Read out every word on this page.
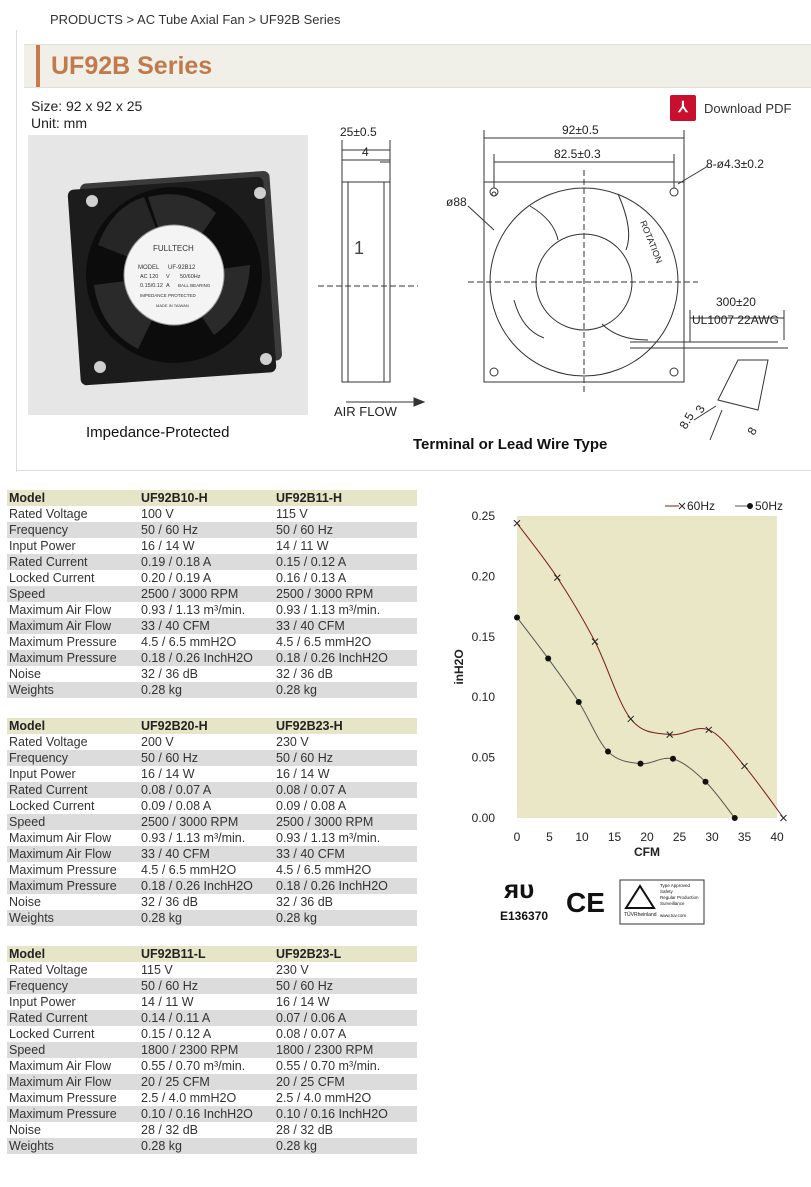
PRODUCTS > AC Tube Axial Fan > UF92B Series
UF92B Series
Size: 92 x 92 x 25
Unit: mm
⅄	Download PDF
FULLTECH
MODEL UF-92B12
AC 120 V 50/60Hz
0.15/0.12 A BALL BEARING
IMPEDANCE PROTECTED
MADE IN TAIWAN
Impedance-Protected
25±0.5
4
1
AIR FLOW
92±0.5
82.5±0.3
8-ø4.3±0.2
ø88
ROTATION
300±20
UL1007 22AWG
8.5
3
8
Terminal or Lead Wire Type
Model	UF92B10-H	UF92B11-H
Rated Voltage	100 V	115 V
Frequency	50 / 60 Hz	50 / 60 Hz
Input Power	16 / 14 W	14 / 11 W
Rated Current	0.19 / 0.18 A	0.15 / 0.12 A
Locked Current	0.20 / 0.19 A	0.16 / 0.13 A
Speed	2500 / 3000 RPM	2500 / 3000 RPM
Maximum Air Flow	0.93 / 1.13 m³/min.	0.93 / 1.13 m³/min.
Maximum Air Flow	33 / 40 CFM	33 / 40 CFM
Maximum Pressure	4.5 / 6.5 mmH2O	4.5 / 6.5 mmH2O
Maximum Pressure	0.18 / 0.26 InchH2O	0.18 / 0.26 InchH2O
Noise	32 / 36 dB	32 / 36 dB
Weights	0.28 kg	0.28 kg
Model	UF92B20-H	UF92B23-H
Rated Voltage	200 V	230 V
Frequency	50 / 60 Hz	50 / 60 Hz
Input Power	16 / 14 W	16 / 14 W
Rated Current	0.08 / 0.07 A	0.08 / 0.07 A
Locked Current	0.09 / 0.08 A	0.09 / 0.08 A
Speed	2500 / 3000 RPM	2500 / 3000 RPM
Maximum Air Flow	0.93 / 1.13 m³/min.	0.93 / 1.13 m³/min.
Maximum Air Flow	33 / 40 CFM	33 / 40 CFM
Maximum Pressure	4.5 / 6.5 mmH2O	4.5 / 6.5 mmH2O
Maximum Pressure	0.18 / 0.26 InchH2O	0.18 / 0.26 InchH2O
Noise	32 / 36 dB	32 / 36 dB
Weights	0.28 kg	0.28 kg
Model	UF92B11-L	UF92B23-L
Rated Voltage	115 V	230 V
Frequency	50 / 60 Hz	50 / 60 Hz
Input Power	14 / 11 W	16 / 14 W
Rated Current	0.14 / 0.11 A	0.07 / 0.06 A
Locked Current	0.15 / 0.12 A	0.08 / 0.07 A
Speed	1800 / 2300 RPM	1800 / 2300 RPM
Maximum Air Flow	0.55 / 0.70 m³/min.	0.55 / 0.70 m³/min.
Maximum Air Flow	20 / 25 CFM	20 / 25 CFM
Maximum Pressure	2.5 / 4.0 mmH2O	2.5 / 4.0 mmH2O
Maximum Pressure	0.10 / 0.16 InchH2O	0.10 / 0.16 InchH2O
Noise	28 / 32 dB	28 / 32 dB
Weights	0.28 kg	0.28 kg
0.00
0.05
0.10
0.15
0.20
0.25
0 5 10 15 20 25 30 35 40
CFM
inH2O
60Hz	50Hz
ᴙᴜ
E136370 CE	TÜVRheinland
Type Approved
Safety
Regular Production
Surveillance
www.tuv.com
